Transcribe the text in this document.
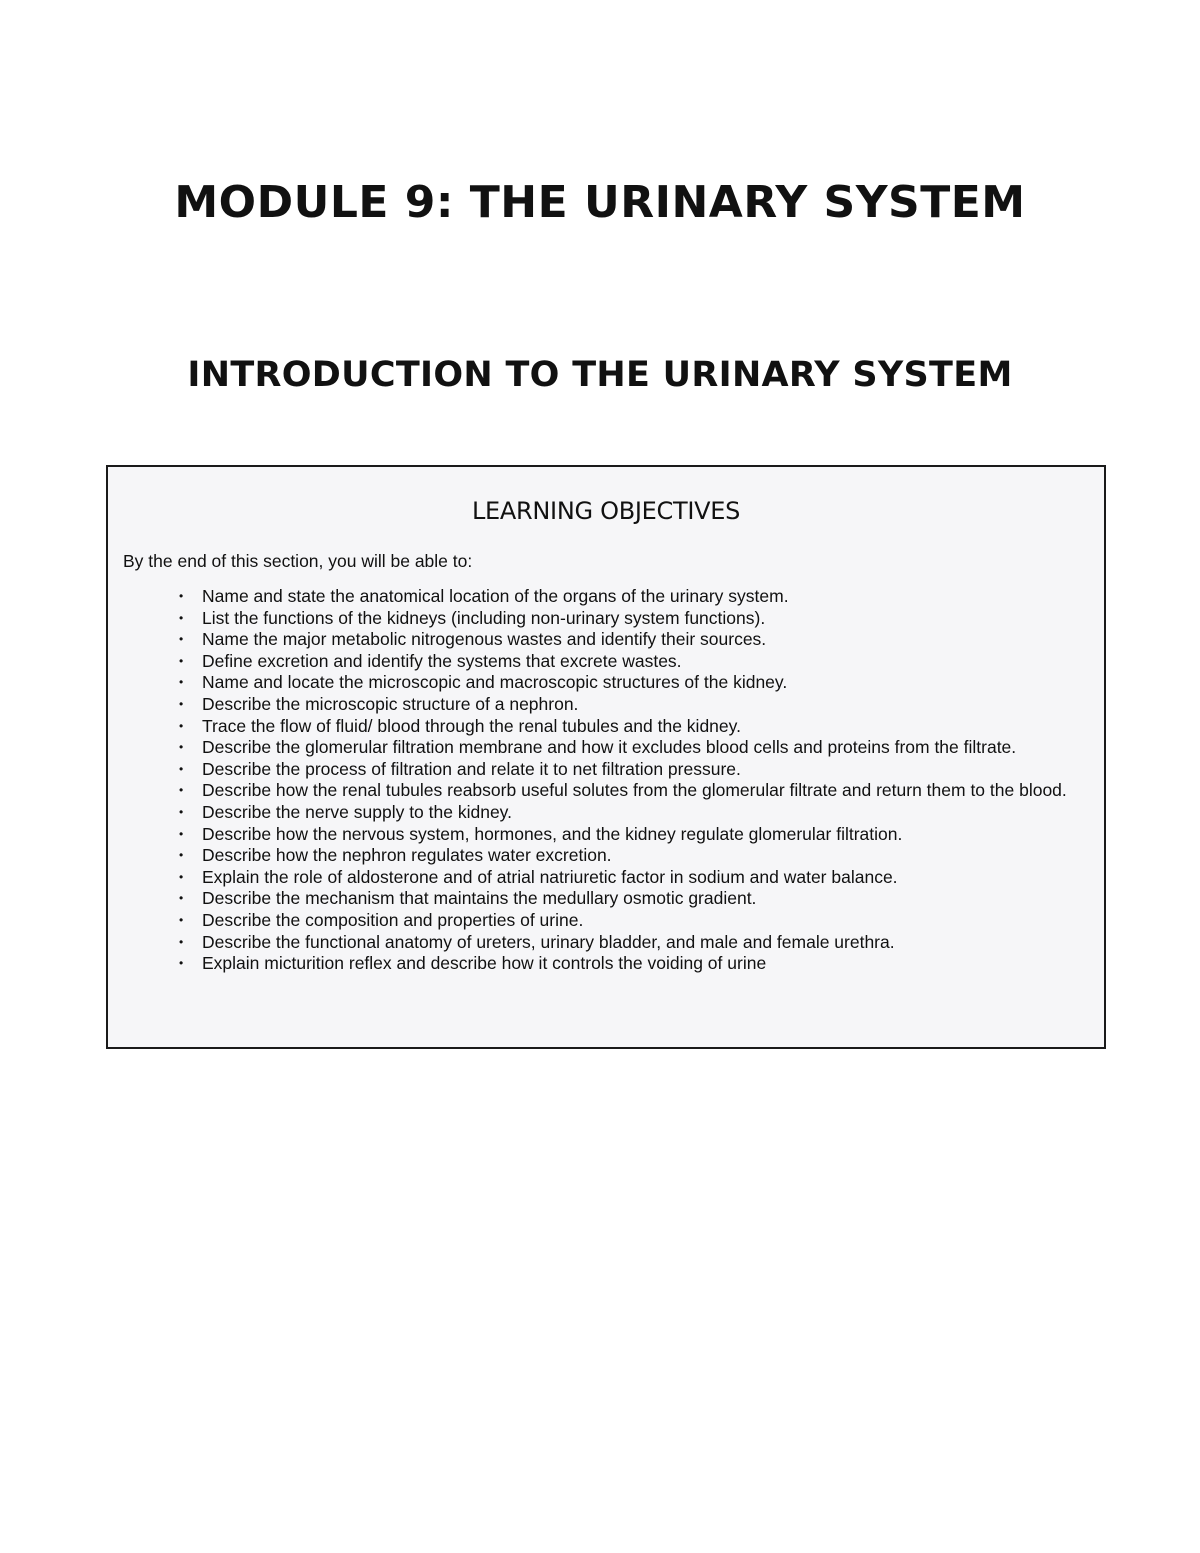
MODULE 9: THE URINARY SYSTEM
INTRODUCTION TO THE URINARY SYSTEM
LEARNING OBJECTIVES

By the end of this section, you will be able to:

• Name and state the anatomical location of the organs of the urinary system.
• List the functions of the kidneys (including non-urinary system functions).
• Name the major metabolic nitrogenous wastes and identify their sources.
• Define excretion and identify the systems that excrete wastes.
• Name and locate the microscopic and macroscopic structures of the kidney.
• Describe the microscopic structure of a nephron.
• Trace the flow of fluid/ blood through the renal tubules and the kidney.
• Describe the glomerular filtration membrane and how it excludes blood cells and proteins from the filtrate.
• Describe the process of filtration and relate it to net filtration pressure.
• Describe how the renal tubules reabsorb useful solutes from the glomerular filtrate and return them to the blood.
• Describe the nerve supply to the kidney.
• Describe how the nervous system, hormones, and the kidney regulate glomerular filtration.
• Describe how the nephron regulates water excretion.
• Explain the role of aldosterone and of atrial natriuretic factor in sodium and water balance.
• Describe the mechanism that maintains the medullary osmotic gradient.
• Describe the composition and properties of urine.
• Describe the functional anatomy of ureters, urinary bladder, and male and female urethra.
• Explain micturition reflex and describe how it controls the voiding of urine
